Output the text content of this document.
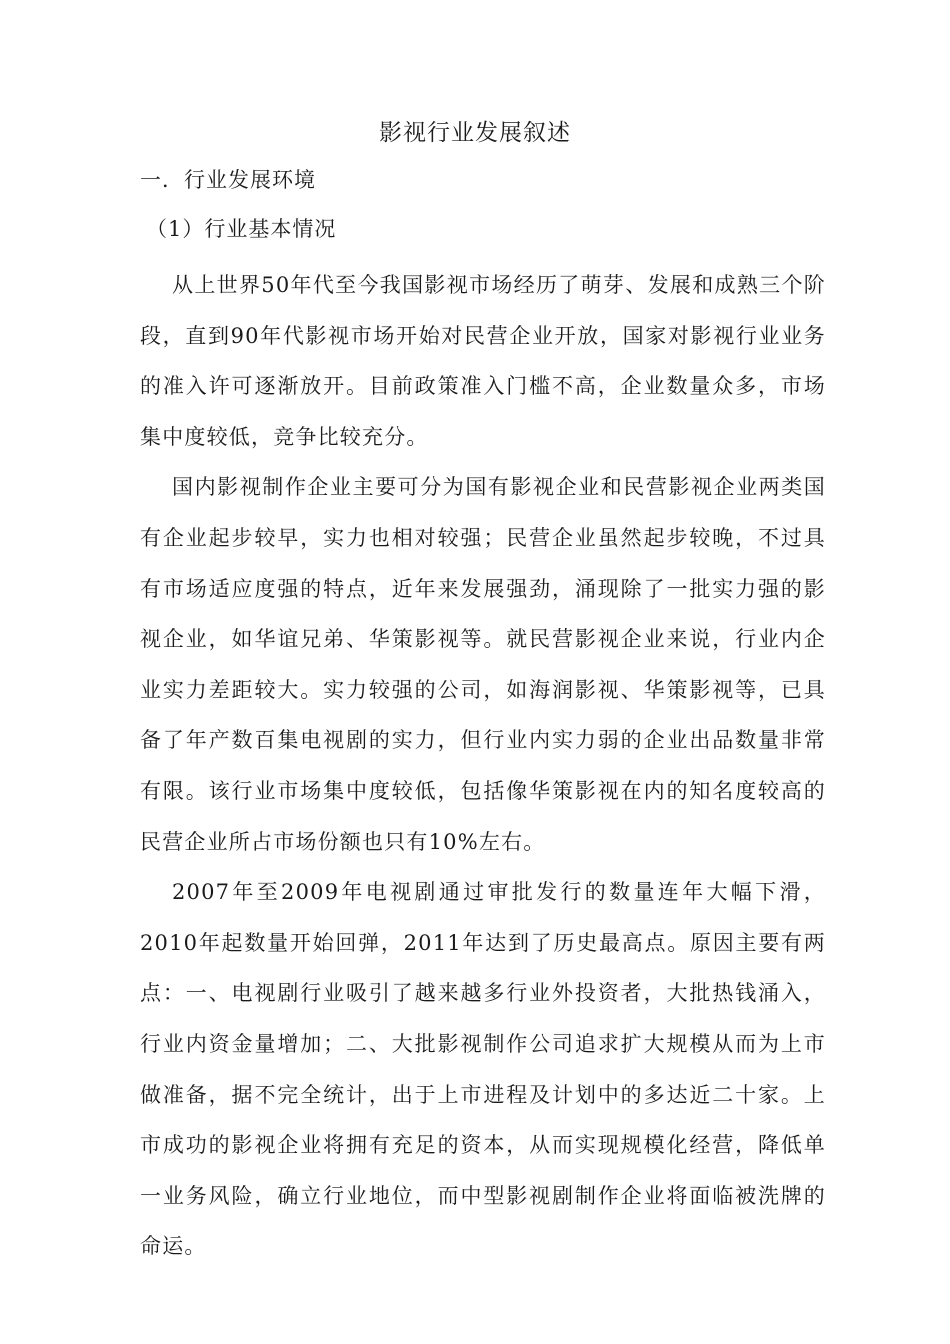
影视行业发展叙述
一．行业发展环境
（1）行业基本情况

从上世界50年代至今我国影视市场经历了萌芽、发展和成熟三个阶段，直到90年代影视市场开始对民营企业开放，国家对影视行业业务的准入许可逐渐放开。目前政策准入门槛不高，企业数量众多，市场集中度较低，竞争比较充分。

国内影视制作企业主要可分为国有影视企业和民营影视企业两类国有企业起步较早，实力也相对较强；民营企业虽然起步较晚，不过具有市场适应度强的特点，近年来发展强劲，涌现除了一批实力强的影视企业，如华谊兄弟、华策影视等。就民营影视企业来说，行业内企业实力差距较大。实力较强的公司，如海润影视、华策影视等，已具备了年产数百集电视剧的实力，但行业内实力弱的企业出品数量非常有限。该行业市场集中度较低，包括像华策影视在内的知名度较高的民营企业所占市场份额也只有10%左右。

2007年至2009年电视剧通过审批发行的数量连年大幅下滑，2010年起数量开始回弹，2011年达到了历史最高点。原因主要有两点：一、电视剧行业吸引了越来越多行业外投资者，大批热钱涌入，行业内资金量增加；二、大批影视制作公司追求扩大规模从而为上市做准备，据不完全统计，出于上市进程及计划中的多达近二十家。上市成功的影视企业将拥有充足的资本，从而实现规模化经营，降低单一业务风险，确立行业地位，而中型影视剧制作企业将面临被洗牌的命运。
